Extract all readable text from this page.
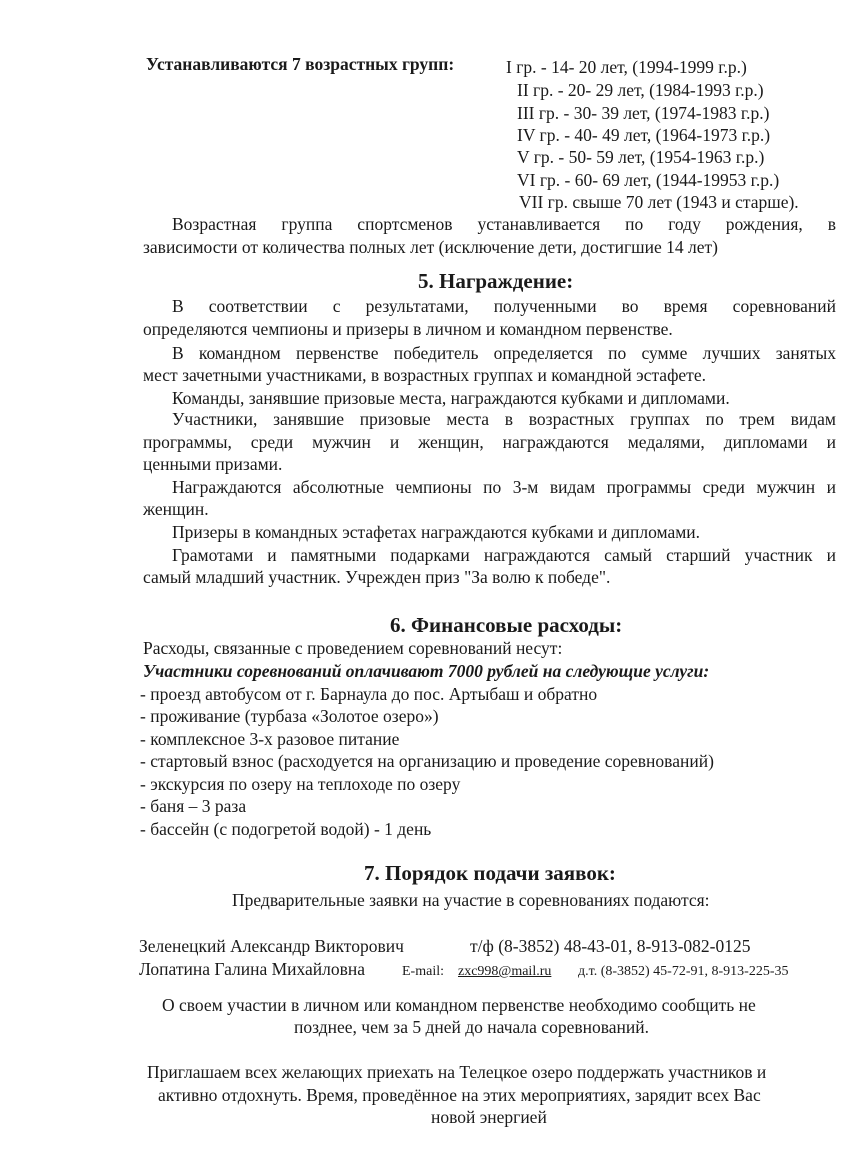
Устанавливаются 7 возрастных групп:	I гр. - 14- 20 лет, (1994-1999 г.р.)
II гр. - 20- 29 лет, (1984-1993 г.р.)
III гр. - 30- 39 лет, (1974-1983 г.р.)
IV гр. - 40- 49 лет, (1964-1973 г.р.)
V гр. - 50- 59 лет, (1954-1963 г.р.)
VI гр. - 60- 69 лет, (1944-19953 г.р.)
VII гр. свыше 70 лет (1943 и старше).
Возрастная группа спортсменов устанавливается по году рождения, в
зависимости от количества полных лет (исключение дети, достигшие 14 лет)
5. Награждение:
В соответствии с результатами, полученными во время соревнований
определяются чемпионы и призеры в личном и командном первенстве.
В командном первенстве победитель определяется по сумме лучших занятых
мест зачетными участниками, в возрастных группах и командной эстафете.
Команды, занявшие призовые места, награждаются кубками и дипломами.
Участники, занявшие призовые места в возрастных группах по трем видам
программы, среди мужчин и женщин, награждаются медалями, дипломами и
ценными призами.
Награждаются абсолютные чемпионы по 3-м видам программы среди мужчин и
женщин.
Призеры в командных эстафетах награждаются кубками и дипломами.
Грамотами и памятными подарками награждаются самый старший участник и
самый младший участник. Учрежден приз "За волю к победе".
6. Финансовые расходы:
Расходы, связанные с проведением соревнований несут:
Участники соревнований оплачивают 7000 рублей на следующие услуги:
- проезд автобусом от г. Барнаула до пос. Артыбаш и обратно
- проживание (турбаза «Золотое озеро»)
- комплексное 3-х разовое питание
- стартовый взнос (расходуется на организацию и проведение соревнований)
- экскурсия по озеру на теплоходе по озеру
- баня – 3 раза
- бассейн (с подогретой водой) - 1 день
7. Порядок подачи заявок:
Предварительные заявки на участие в соревнованиях подаются:
Зеленецкий Александр Викторович	т/ф (8-3852) 48-43-01, 8-913-082-0125
Лопатина Галина Михайловна	E-mail: zxc998@mail.ru д.т. (8-3852) 45-72-91, 8-913-225-35
О своем участии в личном или командном первенстве необходимо сообщить не
позднее, чем за 5 дней до начала соревнований.
Приглашаем всех желающих приехать на Телецкое озеро поддержать участников и
активно отдохнуть. Время, проведённое на этих мероприятиях, зарядит всех Вас
новой энергией
